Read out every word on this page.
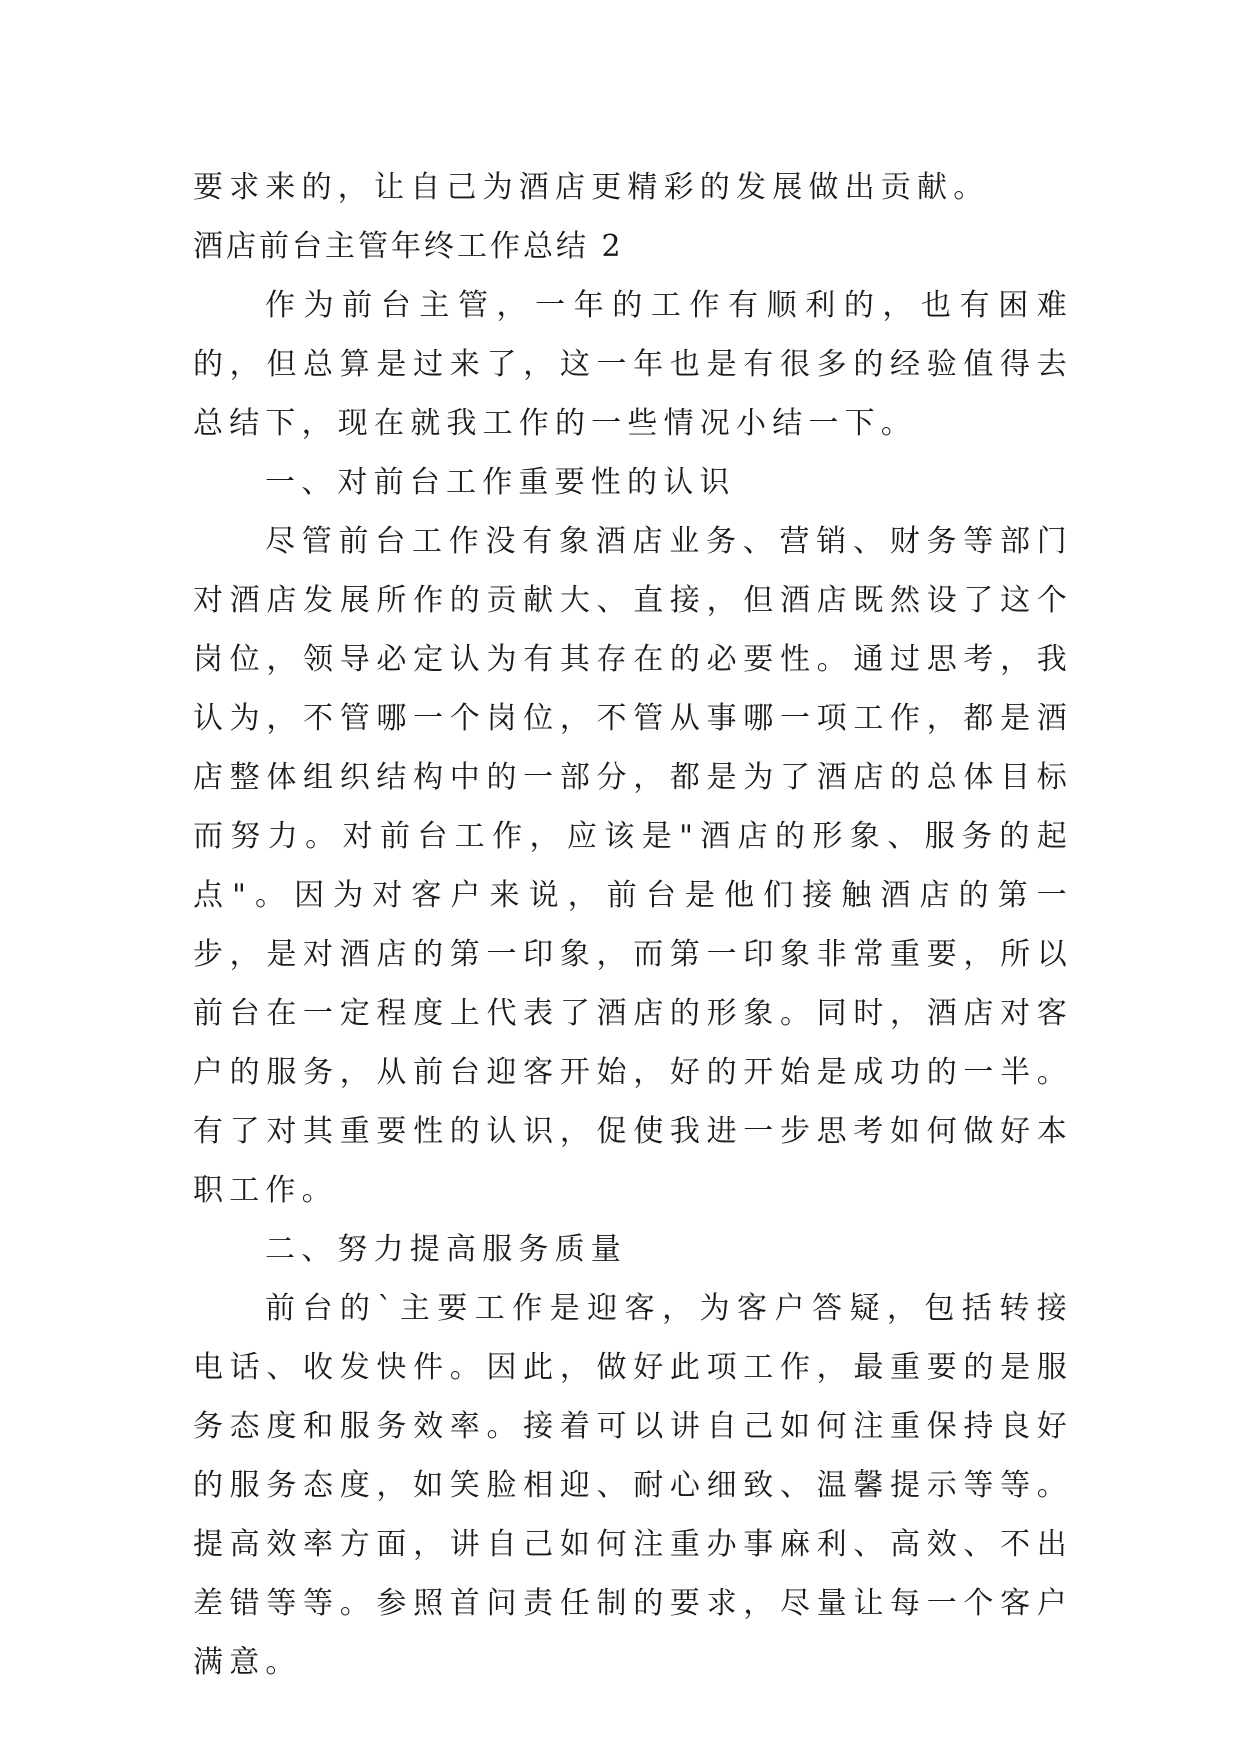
要求来的，让自己为酒店更精彩的发展做出贡献。

酒店前台主管年终工作总结 2

作为前台主管，一年的工作有顺利的，也有困难的，但总算是过来了，这一年也是有很多的经验值得去总结下，现在就我工作的一些情况小结一下。

一、对前台工作重要性的认识

尽管前台工作没有象酒店业务、营销、财务等部门对酒店发展所作的贡献大、直接，但酒店既然设了这个岗位，领导必定认为有其存在的必要性。通过思考，我认为，不管哪一个岗位，不管从事哪一项工作，都是酒店整体组织结构中的一部分，都是为了酒店的总体目标而努力。对前台工作，应该是"酒店的形象、服务的起点"。因为对客户来说，前台是他们接触酒店的第一步，是对酒店的第一印象，而第一印象非常重要，所以前台在一定程度上代表了酒店的形象。同时，酒店对客户的服务，从前台迎客开始，好的开始是成功的一半。有了对其重要性的认识，促使我进一步思考如何做好本职工作。

二、努力提高服务质量

前台的`主要工作是迎客，为客户答疑，包括转接电话、收发快件。因此，做好此项工作，最重要的是服务态度和服务效率。接着可以讲自己如何注重保持良好的服务态度，如笑脸相迎、耐心细致、温馨提示等等。提高效率方面，讲自己如何注重办事麻利、高效、不出差错等等。参照首问责任制的要求，尽量让每一个客户满意。
